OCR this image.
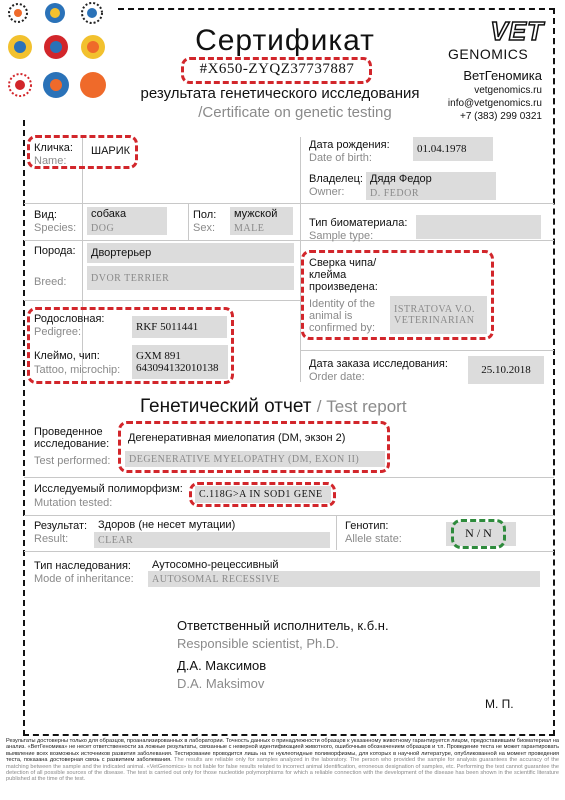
Сертификат
#X650-ZYQZ37737887
результата генетического исследования
/Certificate on genetic testing
VET
GENOMICS
ВетГеномика
vetgenomics.ru
info@vetgenomics.ru
+7 (383) 299 0321
Кличка:
Name:
ШАРИК	Дата рождения:
Date of birth:
01.04.1978
Владелец:
Owner:
Дядя Федор
D. FEDOR
Вид:
Species:
собака
DOG
Пол:
Sex:
мужской
MALE	Тип биоматериала:
Sample type:
Порода:
Breed:
Двортерьер
DVOR TERRIER
Сверка чипа/клейма произведена:
Identity of the animal is confirmed by:
ISTRATOVA V.O.
VETERINARIAN
Родословная:
Pedigree:	RKF 5011441
Клеймо, чип:
Tattoo, microchip:
GXM 891
643094132010138	Дата заказа исследования:
Order date:
25.10.2018
Генетический отчет / Test report
Проведенное исследование:
Test performed:
Дегенеративная миелопатия (DM, экзон 2)
DEGENERATIVE MYELOPATHY (DM, EXON II)
Исследуемый полиморфизм:
Mutation tested:
C.118G>A IN SOD1 GENE
Результат:
Result:
Здоров (не несет мутации)
CLEAR
Генотип:
Allele state:	N / N
Тип наследования:
Mode of inheritance:
Аутосомно-рецессивный
AUTOSOMAL RECESSIVE
Ответственный исполнитель, к.б.н.
Responsible scientist, Ph.D.
Д.А. Максимов
D.A. Maksimov
М. П.
Результаты достоверны только для образцов, проанализированных в лаборатории. Точность данных о принадлежности образцов к указанному животному гарантируется лицом, предоставившим биоматериал на анализ. «ВетГеномика» не несет ответственности за ложные результаты, связанные с неверной идентификацией животного, ошибочным обозначением образцов и т.п. Проведение теста не может гарантировать выявление всех возможных источников развития заболевания. Тестирование проводится лишь на те нуклеотидные полиморфизмы, для которых в научной литературе, опубликованной на момент проведения теста, показана достоверная связь с развитием заболевания. The results are reliable only for samples analyzed in the laboratory. The person who provided the sample for analysis guarantees the accuracy of the matching between the sample and the indicated animal. «VetGenomics» is not liable for false results related to incorrect animal identification, erroneous designation of samples, etc. Performing the test cannot guarantee the detection of all possible sources of the disease. The test is carried out only for those nucleotide polymorphisms for which a reliable connection with the development of the disease has been shown in the scientific literature published at the time of the test.
